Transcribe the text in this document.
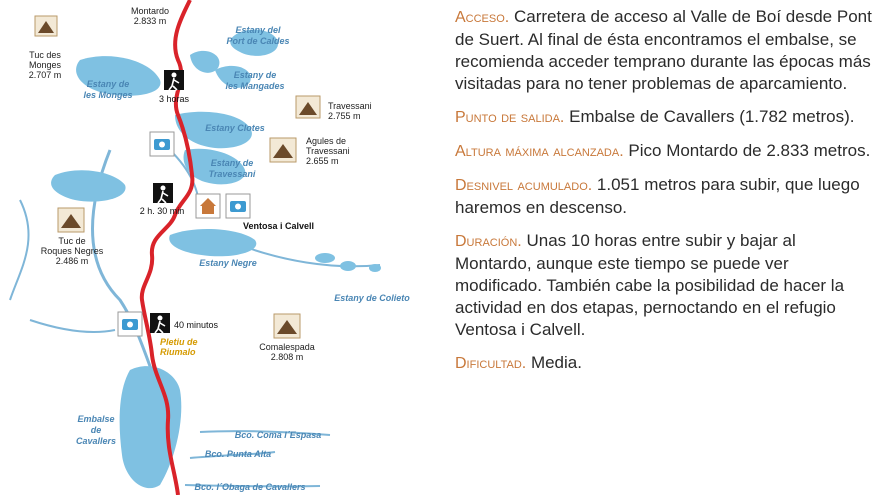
Tuc des Monges 2.707 m
Montardo 2.833 m
Travessani 2.755 m
Agules de Travessani 2.655 m
Tuc de Roques Negres 2.486 m
Comalespada 2.808 m
Estany del Port de Caldes
Estany de les Monges
Estany de les Mangades
Estany Clotes
Estany de Travessani
Estany Negre
Estany de Colieto
Embalse de Cavallers
Bco. Coma l´Espasa
Bco. Punta Alta
Bco. l´Obaga de Cavallers
3 horas
2 h. 30 min
40 minutos
Ventosa i Calvell
Pletiu de Riumalo

Acceso. Carretera de acceso al Valle de Boí desde Pont de Suert. Al final de ésta encontramos el embalse, se recomienda acceder temprano durante las épocas más visitadas para no tener problemas de aparcamiento.

Punto de salida. Embalse de Cavallers (1.782 metros).

Altura máxima alcanzada. Pico Montardo de 2.833 metros.

Desnivel acumulado. 1.051 metros para subir, que luego haremos en descenso.

Duración. Unas 10 horas entre subir y bajar al Montardo, aunque este tiempo se puede ver modificado. También cabe la posibilidad de hacer la actividad en dos etapas, pernoctando en el refugio Ventosa i Calvell.

Dificultad. Media.
